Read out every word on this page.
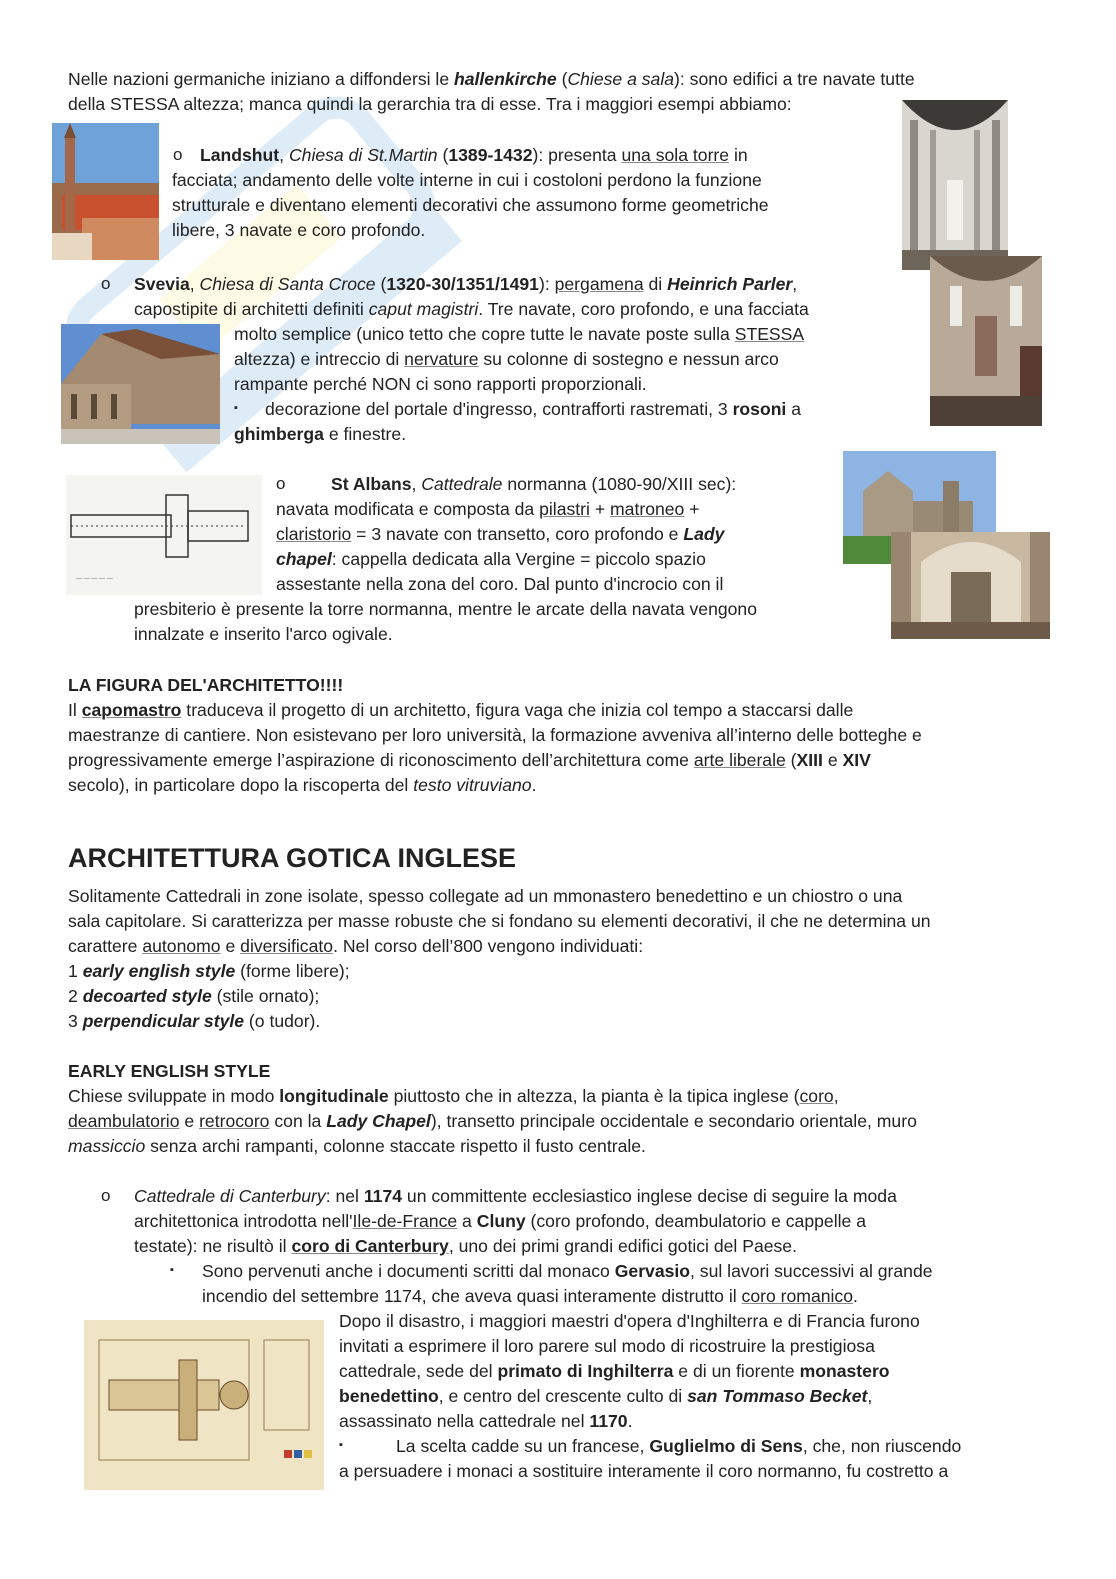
Nelle nazioni germaniche iniziano a diffondersi le hallenkirche (Chiese a sala): sono edifici a tre navate tutte
della STESSA altezza; manca quindi la gerarchia tra di esse. Tra i maggiori esempi abbiamo:
o Landshut, Chiesa di St.Martin (1389-1432): presenta una sola torre in
facciata; andamento delle volte interne in cui i costoloni perdono la funzione
strutturale e diventano elementi decorativi che assumono forme geometriche
libere, 3 navate e coro profondo.
o Svevia, Chiesa di Santa Croce (1320-30/1351/1491): pergamena di Heinrich Parler,
capostipite di architetti definiti caput magistri. Tre navate, coro profondo, e una facciata
molto semplice (unico tetto che copre tutte le navate poste sulla STESSA
altezza) e intreccio di nervature su colonne di sostegno e nessun arco
rampante perché NON ci sono rapporti proporzionali.
▪ decorazione del portale d'ingresso, contrafforti rastremati, 3 rosoni a
ghimberga e finestre.
— — — — —
o	St Albans, Cattedrale normanna (1080-90/XIII sec):
navata modificata e composta da pilastri + matroneo +
claristorio = 3 navate con transetto, coro profondo e Lady
chapel: cappella dedicata alla Vergine = piccolo spazio
assestante nella zona del coro. Dal punto d'incrocio con il
presbiterio è presente la torre normanna, mentre le arcate della navata vengono
innalzate e inserito l'arco ogivale.
LA FIGURA DEL'ARCHITETTO!!!!
Il capomastro traduceva il progetto di un architetto, figura vaga che inizia col tempo a staccarsi dalle
maestranze di cantiere. Non esistevano per loro università, la formazione avveniva all’interno delle botteghe e
progressivamente emerge l’aspirazione di riconoscimento dell’architettura come arte liberale (XIII e XIV
secolo), in particolare dopo la riscoperta del testo vitruviano.
ARCHITETTURA GOTICA INGLESE
Solitamente Cattedrali in zone isolate, spesso collegate ad un mmonastero benedettino e un chiostro o una
sala capitolare. Si caratterizza per masse robuste che si fondano su elementi decorativi, il che ne determina un
carattere autonomo e diversificato. Nel corso dell’800 vengono individuati:
1 early english style (forme libere);
2 decoarted style (stile ornato);
3 perpendicular style (o tudor).
EARLY ENGLISH STYLE
Chiese sviluppate in modo longitudinale piuttosto che in altezza, la pianta è la tipica inglese (coro,
deambulatorio e retrocoro con la Lady Chapel), transetto principale occidentale e secondario orientale, muro
massiccio senza archi rampanti, colonne staccate rispetto il fusto centrale.
o Cattedrale di Canterbury: nel 1174 un committente ecclesiastico inglese decise di seguire la moda
architettonica introdotta nell'Ile-de-France a Cluny (coro profondo, deambulatorio e cappelle a
testate): ne risultò il coro di Canterbury, uno dei primi grandi edifici gotici del Paese.
▪ Sono pervenuti anche i documenti scritti dal monaco Gervasio, sul lavori successivi al grande
incendio del settembre 1174, che aveva quasi interamente distrutto il coro romanico.
Dopo il disastro, i maggiori maestri d'opera d'Inghilterra e di Francia furono
invitati a esprimere il loro parere sul modo di ricostruire la prestigiosa
cattedrale, sede del primato di Inghilterra e di un fiorente monastero
benedettino, e centro del crescente culto di san Tommaso Becket,
assassinato nella cattedrale nel 1170.
▪	La scelta cadde su un francese, Guglielmo di Sens, che, non riuscendo
a persuadere i monaci a sostituire interamente il coro normanno, fu costretto a
